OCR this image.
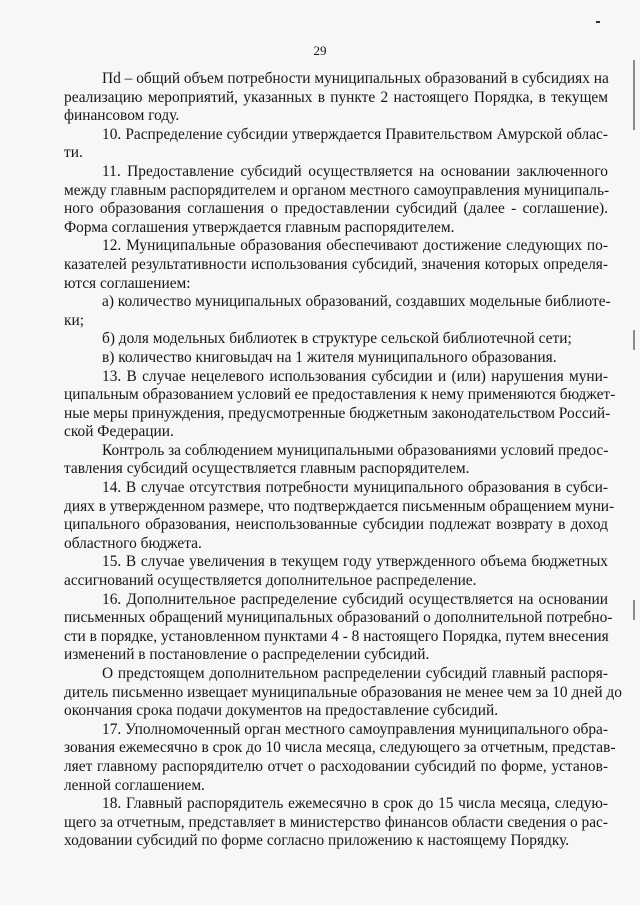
29
Пd – общий объем потребности муниципальных образований в субсидиях на
реализацию мероприятий, указанных в пункте 2 настоящего Порядка, в текущем
финансовом году.
10. Распределение субсидии утверждается Правительством Амурской облас-
ти.
11. Предоставление субсидий осуществляется на основании заключенного
между главным распорядителем и органом местного самоуправления муниципаль-
ного образования соглашения о предоставлении субсидий (далее - соглашение).
Форма соглашения утверждается главным распорядителем.
12. Муниципальные образования обеспечивают достижение следующих по-
казателей результативности использования субсидий, значения которых определя-
ются соглашением:
а) количество муниципальных образований, создавших модельные библиоте-
ки;
б) доля модельных библиотек в структуре сельской библиотечной сети;
в) количество книговыдач на 1 жителя муниципального образования.
13. В случае нецелевого использования субсидии и (или) нарушения муни-
ципальным образованием условий ее предоставления к нему применяются бюджет-
ные меры принуждения, предусмотренные бюджетным законодательством Россий-
ской Федерации.
Контроль за соблюдением муниципальными образованиями условий предос-
тавления субсидий осуществляется главным распорядителем.
14. В случае отсутствия потребности муниципального образования в субси-
диях в утвержденном размере, что подтверждается письменным обращением муни-
ципального образования, неиспользованные субсидии подлежат возврату в доход
областного бюджета.
15. В случае увеличения в текущем году утвержденного объема бюджетных
ассигнований осуществляется дополнительное распределение.
16. Дополнительное распределение субсидий осуществляется на основании
письменных обращений муниципальных образований о дополнительной потребно-
сти в порядке, установленном пунктами 4 - 8 настоящего Порядка, путем внесения
изменений в постановление о распределении субсидий.
О предстоящем дополнительном распределении субсидий главный распоря-
дитель письменно извещает муниципальные образования не менее чем за 10 дней до
окончания срока подачи документов на предоставление субсидий.
17. Уполномоченный орган местного самоуправления муниципального обра-
зования ежемесячно в срок до 10 числа месяца, следующего за отчетным, представ-
ляет главному распорядителю отчет о расходовании субсидий по форме, установ-
ленной соглашением.
18. Главный распорядитель ежемесячно в срок до 15 числа месяца, следую-
щего за отчетным, представляет в министерство финансов области сведения о рас-
ходовании субсидий по форме согласно приложению к настоящему Порядку.
